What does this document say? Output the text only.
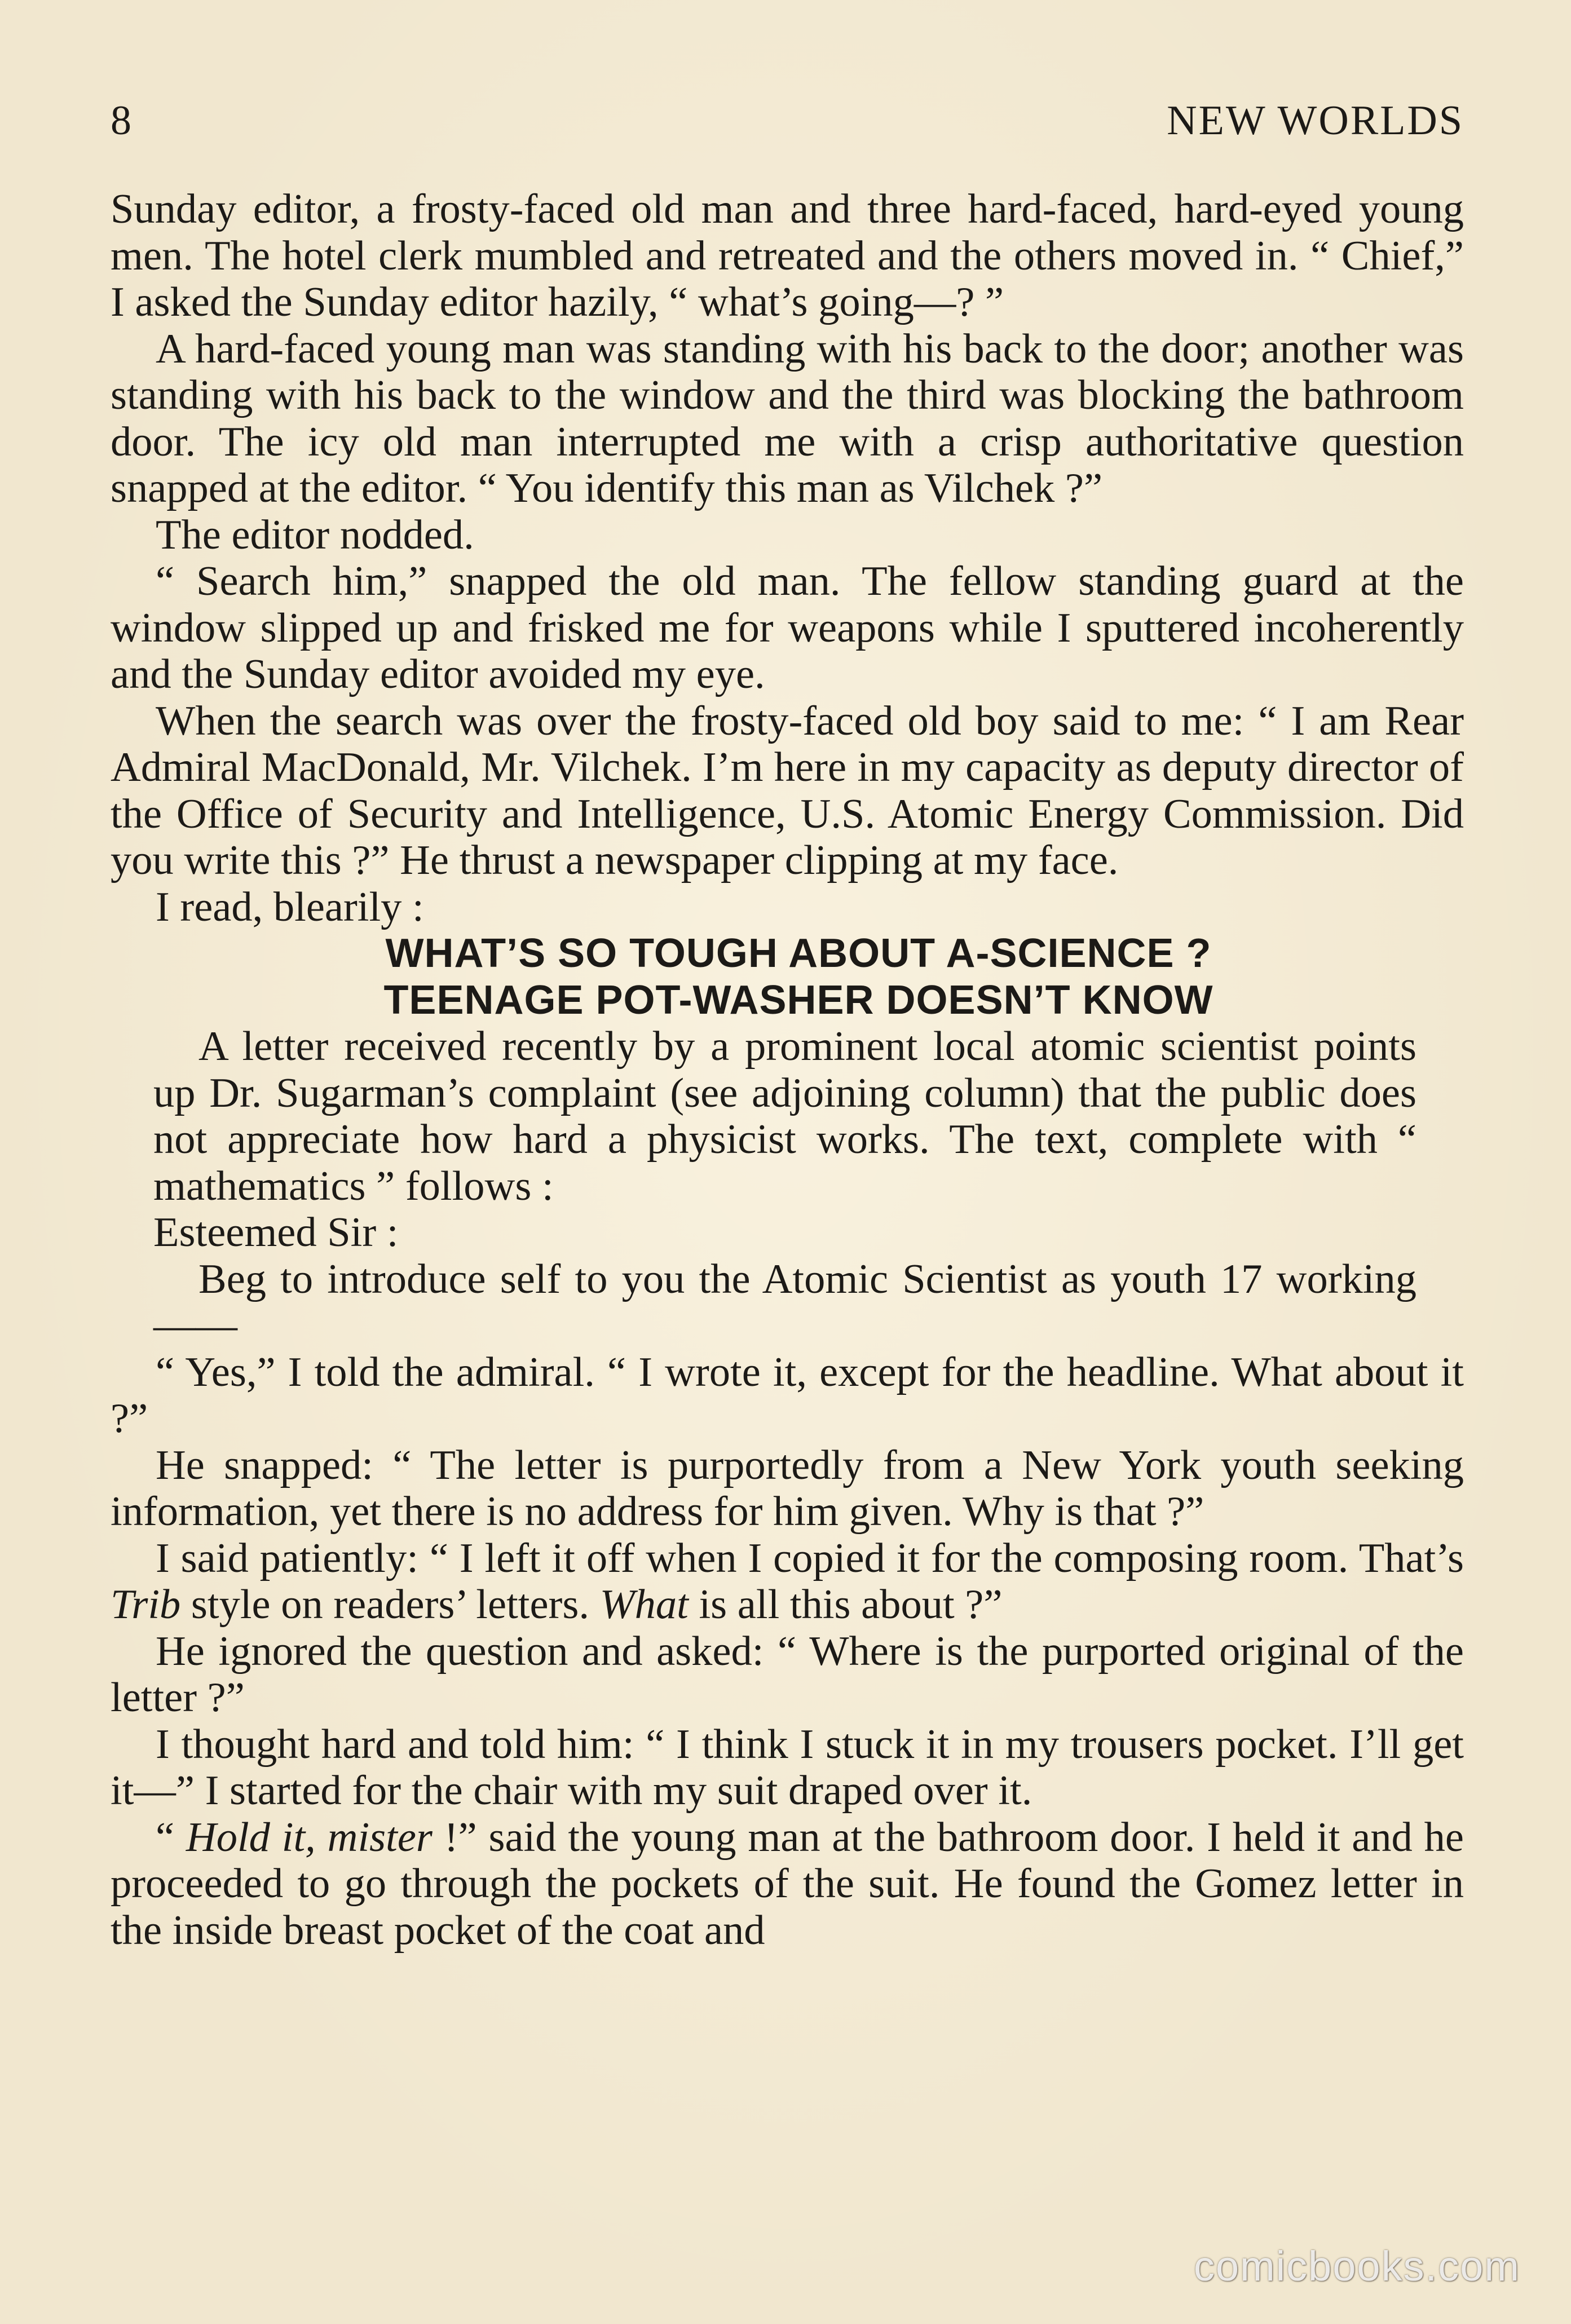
8	NEW WORLDS

Sunday editor, a frosty-faced old man and three hard-faced, hard-eyed young men. The hotel clerk mumbled and retreated and the others moved in. “ Chief,” I asked the Sunday editor hazily, “ what’s going—? ”

A hard-faced young man was standing with his back to the door; another was standing with his back to the window and the third was blocking the bathroom door. The icy old man interrupted me with a crisp authoritative question snapped at the editor. “ You identify this man as Vilchek ?”

The editor nodded.

“ Search him,” snapped the old man. The fellow standing guard at the window slipped up and frisked me for weapons while I sputtered incoherently and the Sunday editor avoided my eye.

When the search was over the frosty-faced old boy said to me: “ I am Rear Admiral MacDonald, Mr. Vilchek. I’m here in my capacity as deputy director of the Office of Security and Intelligence, U.S. Atomic Energy Commission. Did you write this ?” He thrust a newspaper clipping at my face.

I read, blearily :

WHAT’S SO TOUGH ABOUT A-SCIENCE ?
TEENAGE POT-WASHER DOESN’T KNOW

A letter received recently by a prominent local atomic scientist points up Dr. Sugarman’s complaint (see adjoining column) that the public does not appreciate how hard a physicist works. The text, complete with “ mathematics ” follows :

Esteemed Sir :

Beg to introduce self to you the Atomic Scientist as youth 17 working——

“ Yes,” I told the admiral. “ I wrote it, except for the headline. What about it ?”

He snapped: “ The letter is purportedly from a New York youth seeking information, yet there is no address for him given. Why is that ?”

I said patiently: “ I left it off when I copied it for the composing room. That’s Trib style on readers’ letters. What is all this about ?”

He ignored the question and asked: “ Where is the purported original of the letter ?”

I thought hard and told him: “ I think I stuck it in my trousers pocket. I’ll get it—” I started for the chair with my suit draped over it.

“ Hold it, mister !” said the young man at the bathroom door. I held it and he proceeded to go through the pockets of the suit. He found the Gomez letter in the inside breast pocket of the coat and

comicbooks.com
